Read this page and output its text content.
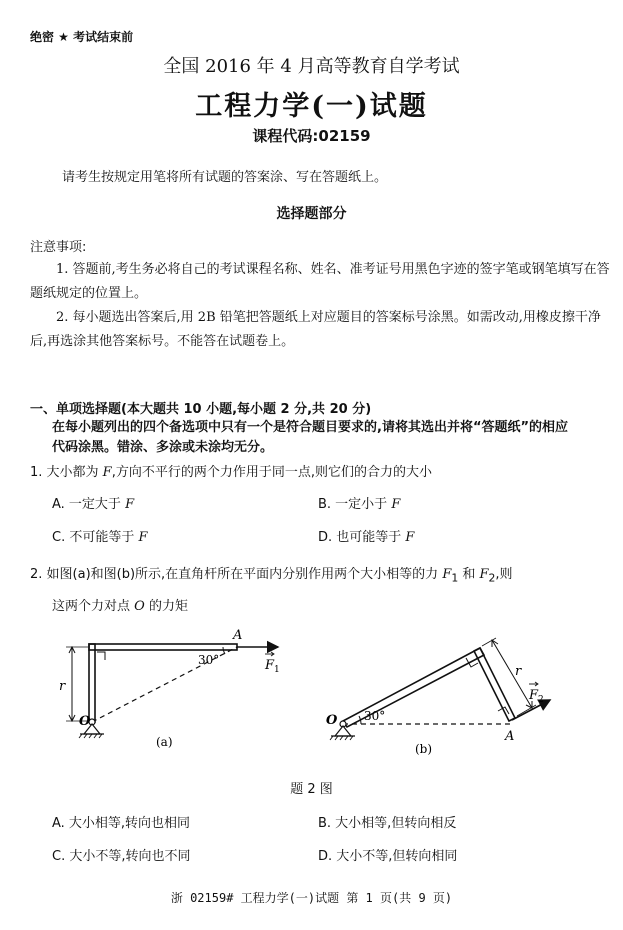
绝密 ★ 考试结束前
全国 2016 年 4 月高等教育自学考试
工程力学(一)试题
课程代码:02159
请考生按规定用笔将所有试题的答案涂、写在答题纸上。
选择题部分
注意事项:
1. 答题前,考生务必将自己的考试课程名称、姓名、准考证号用黑色字迹的签字笔或钢笔填写在答题纸规定的位置上。
2. 每小题选出答案后,用 2B 铅笔把答题纸上对应题目的答案标号涂黑。如需改动,用橡皮擦干净后,再选涂其他答案标号。不能答在试题卷上。
一、单项选择题(本大题共 10 小题,每小题 2 分,共 20 分)
在每小题列出的四个备选项中只有一个是符合题目要求的,请将其选出并将“答题纸”的相应代码涂黑。错涂、多涂或未涂均无分。
1. 大小都为 F,方向不平行的两个力作用于同一点,则它们的合力的大小
A. 一定大于 F	B. 一定小于 F
C. 不可能等于 F	D. 也可能等于 F
2. 如图(a)和图(b)所示,在直角杆所在平面内分别作用两个大小相等的力 $F_1$ 和 $F_2$,则
这两个力对点 O 的力矩
A
O
30°
r
F 1
(a)
O 30°
A
r
F 2
(b)
题 2 图
A. 大小相等,转向也相同	B. 大小相等,但转向相反
C. 大小不等,转向也不同	D. 大小不等,但转向相同
浙 02159# 工程力学(一)试题 第 1 页(共 9 页)
